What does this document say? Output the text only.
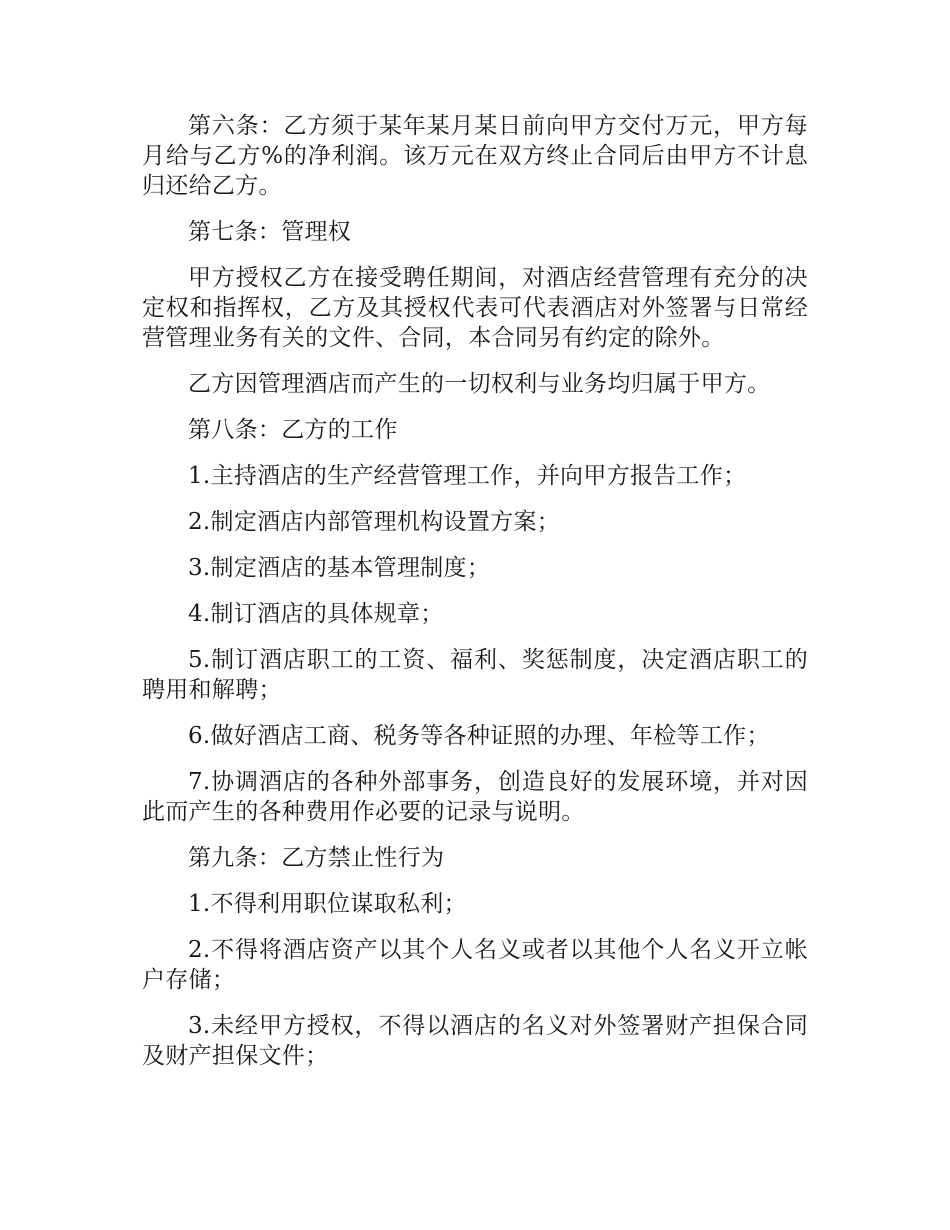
第六条：乙方须于某年某月某日前向甲方交付万元，甲方每月给与乙方%的净利润。该万元在双方终止合同后由甲方不计息归还给乙方。

第七条：管理权

甲方授权乙方在接受聘任期间，对酒店经营管理有充分的决定权和指挥权，乙方及其授权代表可代表酒店对外签署与日常经营管理业务有关的文件、合同，本合同另有约定的除外。

乙方因管理酒店而产生的一切权利与业务均归属于甲方。

第八条：乙方的工作

1.主持酒店的生产经营管理工作，并向甲方报告工作；

2.制定酒店内部管理机构设置方案；

3.制定酒店的基本管理制度；

4.制订酒店的具体规章；

5.制订酒店职工的工资、福利、奖惩制度，决定酒店职工的聘用和解聘；

6.做好酒店工商、税务等各种证照的办理、年检等工作；

7.协调酒店的各种外部事务，创造良好的发展环境，并对因此而产生的各种费用作必要的记录与说明。

第九条：乙方禁止性行为

1.不得利用职位谋取私利；

2.不得将酒店资产以其个人名义或者以其他个人名义开立帐户存储；

3.未经甲方授权，不得以酒店的名义对外签署财产担保合同及财产担保文件；
